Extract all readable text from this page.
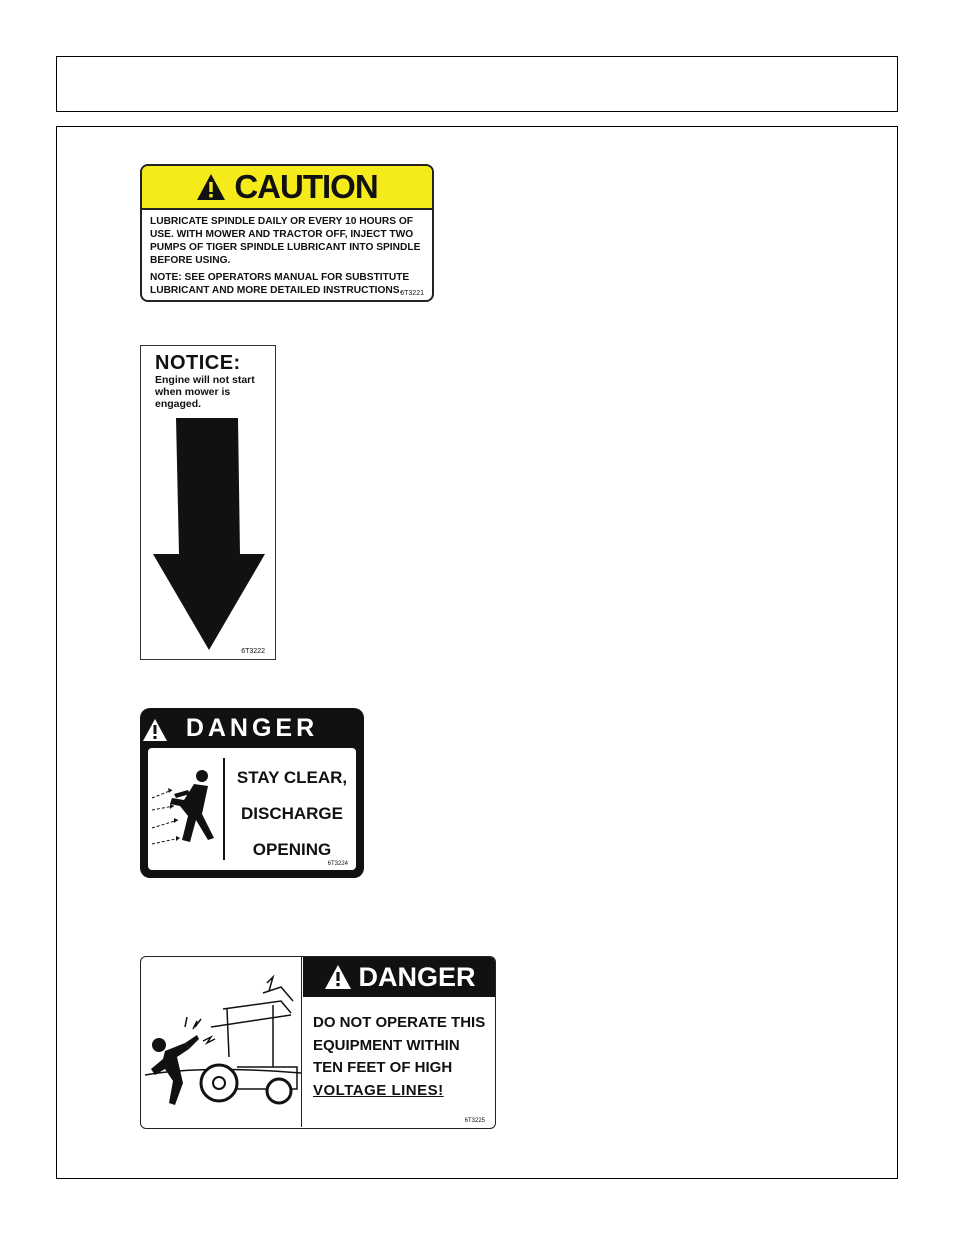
CAUTION

LUBRICATE SPINDLE DAILY OR EVERY 10 HOURS OF USE. WITH MOWER AND TRACTOR OFF, INJECT TWO PUMPS OF TIGER SPINDLE LUBRICANT INTO SPINDLE BEFORE USING.

NOTE: SEE OPERATORS MANUAL FOR SUBSTITUTE LUBRICANT AND MORE DETAILED INSTRUCTIONS.

6T3221
NOTICE:
Engine will not start when mower is engaged.
6T3222
DANGER
STAY CLEAR,
DISCHARGE
OPENING
6T3224
DANGER
DO NOT OPERATE THIS
EQUIPMENT WITHIN
TEN FEET OF HIGH
VOLTAGE LINES!
6T3225
